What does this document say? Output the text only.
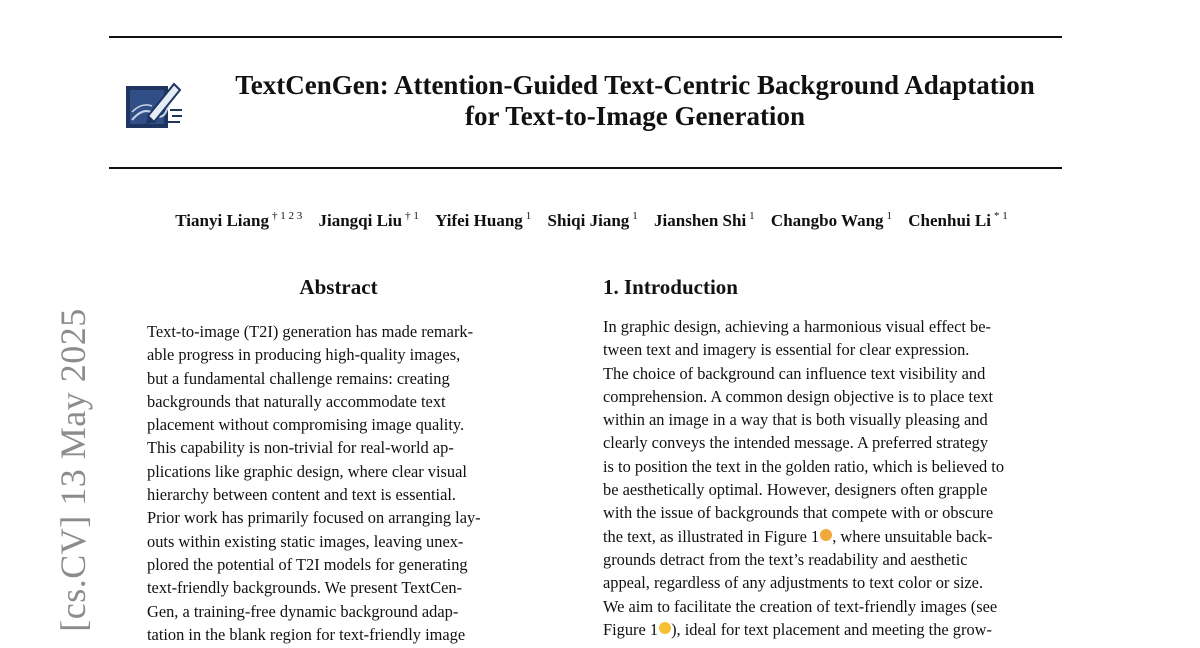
TextCenGen: Attention-Guided Text-Centric Background Adaptation
for Text-to-Image Generation
Tianyi Liang $^{\dagger 1 2 3}$ Jiangqi Liu $^{\dagger 1}$ Yifei Huang $^1$ Shiqi Jiang $^1$ Jianshen Shi $^1$ Changbo Wang $^1$ Chenhui Li $^{* 1}$
[cs.CV] 13 May 2025
Abstract
Text-to-image (T2I) generation has made remark-
able progress in producing high-quality images,
but a fundamental challenge remains: creating
backgrounds that naturally accommodate text
placement without compromising image quality.
This capability is non-trivial for real-world ap-
plications like graphic design, where clear visual
hierarchy between content and text is essential.
Prior work has primarily focused on arranging lay-
outs within existing static images, leaving unex-
plored the potential of T2I models for generating
text-friendly backgrounds. We present TextCen-
Gen, a training-free dynamic background adap-
tation in the blank region for text-friendly image
1. Introduction
In graphic design, achieving a harmonious visual effect be-
tween text and imagery is essential for clear expression.
The choice of background can influence text visibility and
comprehension. A common design objective is to place text
within an image in a way that is both visually pleasing and
clearly conveys the intended message. A preferred strategy
is to position the text in the golden ratio, which is believed to
be aesthetically optimal. However, designers often grapple
with the issue of backgrounds that compete with or obscure
the text, as illustrated in Figure 1 , where unsuitable back-
grounds detract from the text’s readability and aesthetic
appeal, regardless of any adjustments to text color or size.
We aim to facilitate the creation of text-friendly images (see
Figure 1 ), ideal for text placement and meeting the grow-
